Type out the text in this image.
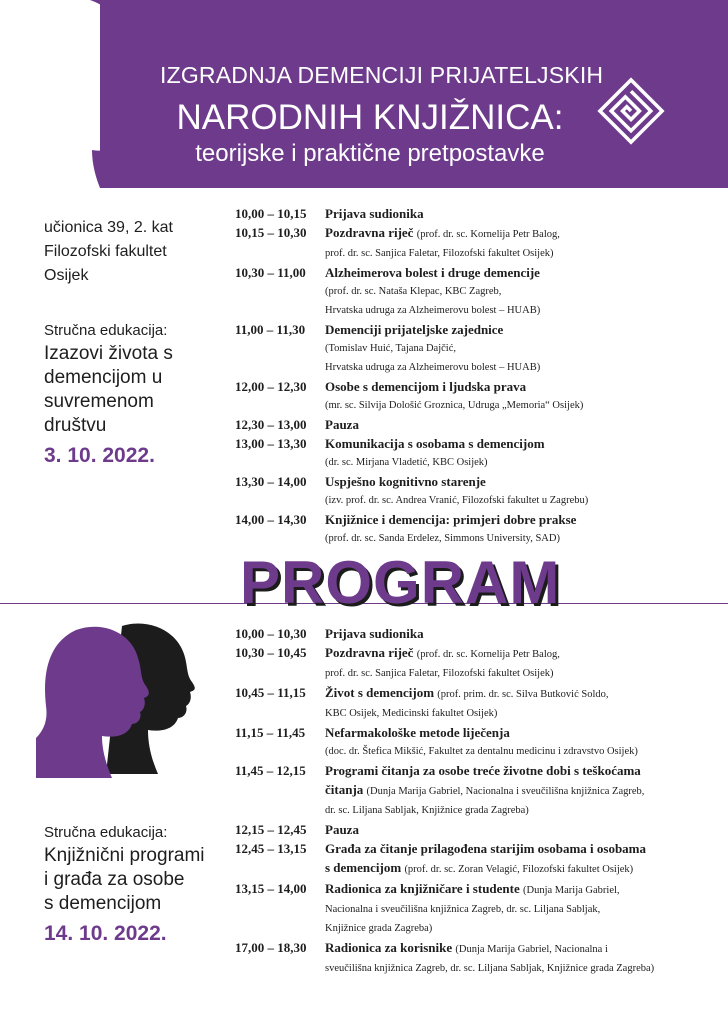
IZGRADNJA DEMENCIJI PRIJATELJSKIH
NARODNIH KNJIŽNICA:
teorijske i praktične pretpostavke
učionica 39, 2. kat
Filozofski fakultet
Osijek
Stručna edukacija:
Izazovi života s
demencijom u
suvremenom
društvu
3. 10. 2022.
10,00 – 10,15	Prijava sudionika
10,15 – 10,30	Pozdravna riječ (prof. dr. sc. Kornelija Petr Balog,
prof. dr. sc. Sanjica Faletar, Filozofski fakultet Osijek)
10,30 – 11,00	Alzheimerova bolest i druge demencije
(prof. dr. sc. Nataša Klepac, KBC Zagreb,
Hrvatska udruga za Alzheimerovu bolest – HUAB)
11,00 – 11,30	Demenciji prijateljske zajednice
(Tomislav Huić, Tajana Dajčić,
Hrvatska udruga za Alzheimerovu bolest – HUAB)
12,00 – 12,30	Osobe s demencijom i ljudska prava
(mr. sc. Silvija Dološić Groznica, Udruga „Memoria“ Osijek)
12,30 – 13,00	Pauza
13,00 – 13,30	Komunikacija s osobama s demencijom
(dr. sc. Mirjana Vladetić, KBC Osijek)
13,30 – 14,00	Uspješno kognitivno starenje
(izv. prof. dr. sc. Andrea Vranić, Filozofski fakultet u Zagrebu)
14,00 – 14,30	Knjižnice i demencija: primjeri dobre prakse
(prof. dr. sc. Sanda Erdelez, Simmons University, SAD)
PROGRAM
Stručna edukacija:
Knjižnični programi
i građa za osobe
s demencijom
14. 10. 2022.
10,00 – 10,30	Prijava sudionika
10,30 – 10,45	Pozdravna riječ (prof. dr. sc. Kornelija Petr Balog,
prof. dr. sc. Sanjica Faletar, Filozofski fakultet Osijek)
10,45 – 11,15	Život s demencijom (prof. prim. dr. sc. Silva Butković Soldo,
KBC Osijek, Medicinski fakultet Osijek)
11,15 – 11,45	Nefarmakološke metode liječenja
(doc. dr. Štefica Mikšić, Fakultet za dentalnu medicinu i zdravstvo Osijek)
11,45 – 12,15	Programi čitanja za osobe treće životne dobi s teškoćama
čitanja (Dunja Marija Gabriel, Nacionalna i sveučilišna knjižnica Zagreb,
dr. sc. Liljana Sabljak, Knjižnice grada Zagreba)
12,15 – 12,45	Pauza
12,45 – 13,15	Građa za čitanje prilagođena starijim osobama i osobama
s demencijom (prof. dr. sc. Zoran Velagić, Filozofski fakultet Osijek)
13,15 – 14,00	Radionica za knjižničare i studente (Dunja Marija Gabriel,
Nacionalna i sveučilišna knjižnica Zagreb, dr. sc. Liljana Sabljak,
Knjižnice grada Zagreba)
17,00 – 18,30	Radionica za korisnike (Dunja Marija Gabriel, Nacionalna i
sveučilišna knjižnica Zagreb, dr. sc. Liljana Sabljak, Knjižnice grada Zagreba)
